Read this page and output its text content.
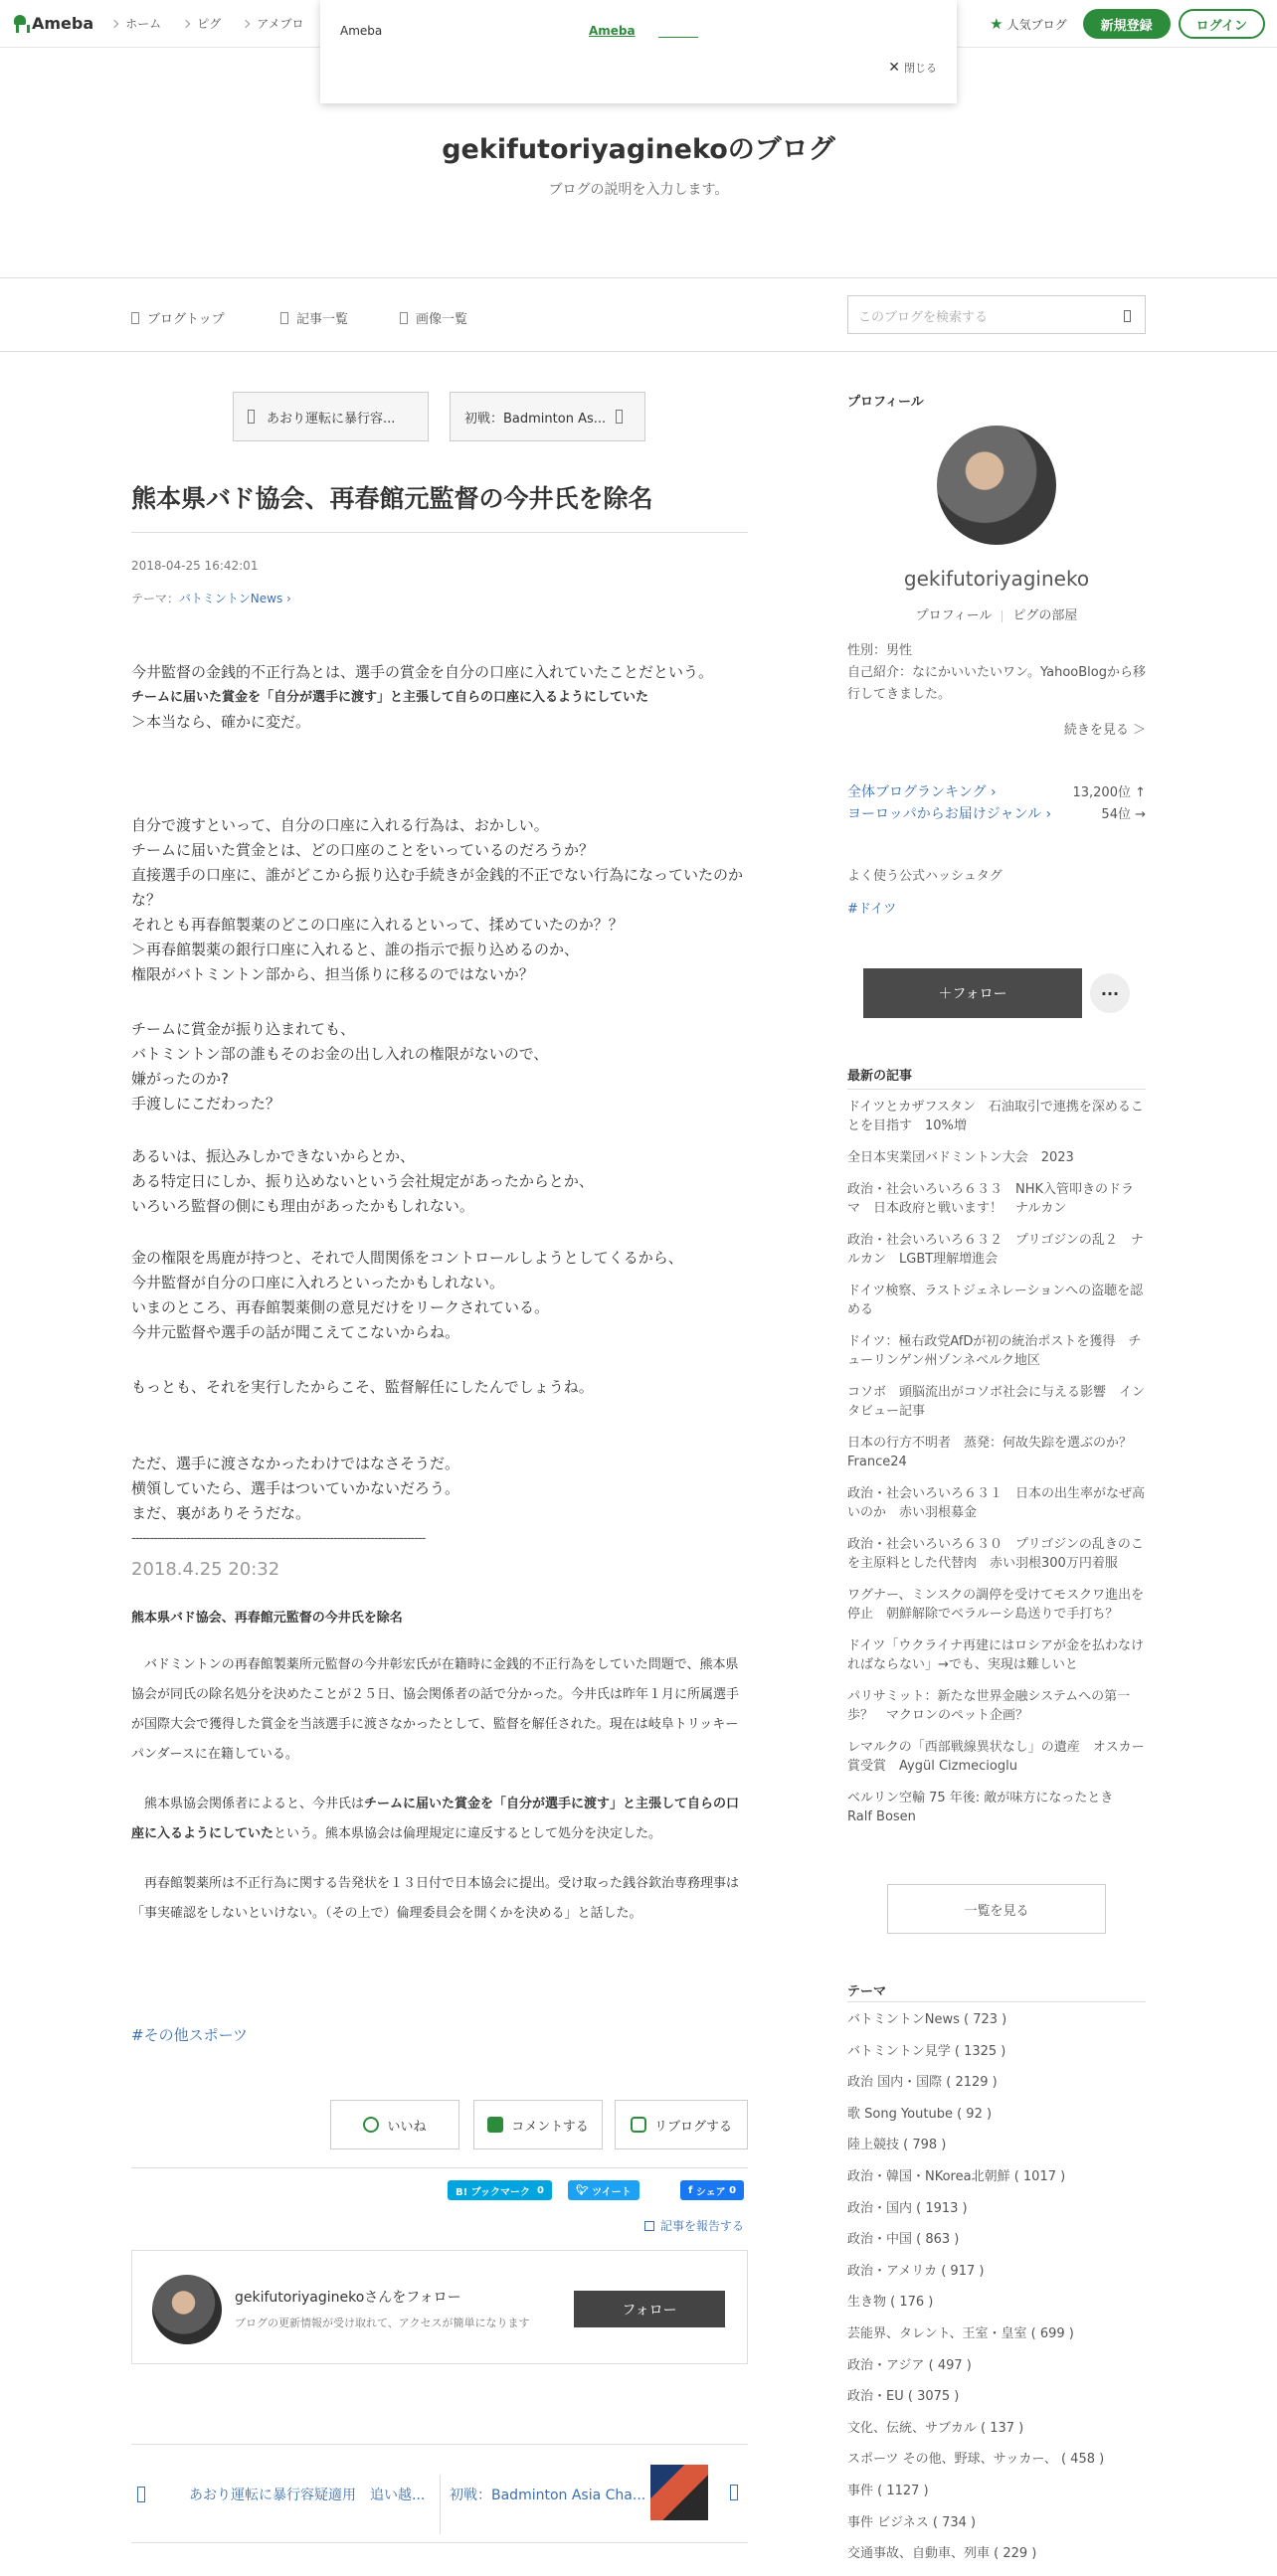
Ameba	ホーム	ピグ	アメブロ	★ 人気ブログ	新規登録	ログイン
Ameba	Ameba
✕ 閉じる
gekifutoriyaginekoのブログ
ブログの説明を入力します。
ブログトップ	記事一覧	画像一覧	このブログを検索する
あおり運転に暴行容...	初戦：Badminton As...
熊本県バド協会、再春館元監督の今井氏を除名
2018-04-25 16:42:01
テーマ：バトミントンNews ›

今井監督の金銭的不正行為とは、選手の賞金を自分の口座に入れていたことだという。

チームに届いた賞金を「自分が選手に渡す」と主張して自らの口座に入るようにしていた

＞本当なら、確かに変だ。

自分で渡すといって、自分の口座に入れる行為は、おかしい。

チームに届いた賞金とは、どの口座のことをいっているのだろうか？

直接選手の口座に、誰がどこから振り込む手続きが金銭的不正でない行為になっていたのかな？

それとも再春館製薬のどこの口座に入れるといって、揉めていたのか？？

＞再春館製薬の銀行口座に入れると、誰の指示で振り込めるのか、

権限がバトミントン部から、担当係りに移るのではないか？

チームに賞金が振り込まれても、

バトミントン部の誰もそのお金の出し入れの権限がないので、

嫌がったのか?

手渡しにこだわった？

あるいは、振込みしかできないからとか、

ある特定日にしか、振り込めないという会社規定があったからとか、

いろいろ監督の側にも理由があったかもしれない。

金の権限を馬鹿が持つと、それで人間関係をコントロールしようとしてくるから、

今井監督が自分の口座に入れろといったかもしれない。

いまのところ、再春館製薬側の意見だけをリークされている。

今井元監督や選手の話が聞こえてこないからね。

もっとも、それを実行したからこそ、監督解任にしたんでしょうね。

ただ、選手に渡さなかったわけではなさそうだ。

横領していたら、選手はついていかないだろう。

まだ、裏がありそうだな。

--------------------------------------------------------------------------------
2018.4.25 20:32
熊本県バド協会、再春館元監督の今井氏を除名
　バドミントンの再春館製薬所元監督の今井彰宏氏が在籍時に金銭的不正行為をしていた問題で、熊本県協会が同氏の除名処分を決めたことが２５日、協会関係者の話で分かった。今井氏は昨年１月に所属選手が国際大会で獲得した賞金を当該選手に渡さなかったとして、監督を解任された。現在は岐阜トリッキーパンダースに在籍している。
　熊本県協会関係者によると、今井氏はチームに届いた賞金を「自分が選手に渡す」と主張して自らの口座に入るようにしていたという。熊本県協会は倫理規定に違反するとして処分を決定した。
　再春館製薬所は不正行為に関する告発状を１３日付で日本協会に提出。受け取った銭谷欽治専務理事は「事実確認をしないといけない。（その上で）倫理委員会を開くかを決める」と話した。
#その他スポーツ
いいね	コメントする	リブログする
B! ブックマーク
0	🐦︎
ツイート	f
シェア
0
記事を報告する
gekifutoriyaginekoさんをフォロー
ブログの更新情報が受け取れて、アクセスが簡単になります
フォロー
あおり運転に暴行容疑適用　追い越... 初戦：Badminton Asia Cha...
プロフィール
gekifutoriyagineko
プロフィール ピグの部屋
性別：男性
自己紹介：なにかいいたいワン。YahooBlogから移行してきました。
続きを見る ＞
全体ブログランキング ›	13,200位 ↑
ヨーロッパからお届けジャンル ›	54位 →
よく使う公式ハッシュタグ
#ドイツ
＋フォロー	···
最新の記事
ドイツとカザフスタン　石油取引で連携を深めることを目指す　10%増
全日本実業団バドミントン大会　2023
政治・社会いろいろ６３３　NHK入管叩きのドラマ　日本政府と戦います！　ナルカン
政治・社会いろいろ６３２　プリゴジンの乱２　ナルカン　LGBT理解増進会
ドイツ検察、ラストジェネレーションへの盗聴を認める
ドイツ：極右政党AfDが初の統治ポストを獲得　チューリンゲン州ゾンネベルク地区
コソボ　頭脳流出がコソボ社会に与える影響　インタビュー記事
日本の行方不明者　蒸発：何故失踪を選ぶのか？　France24
政治・社会いろいろ６３１　日本の出生率がなぜ高いのか　赤い羽根募金
政治・社会いろいろ６３０　プリゴジンの乱きのこを主原料とした代替肉　赤い羽根300万円着服
ワグナー、ミンスクの調停を受けてモスクワ進出を停止　朝鮮解除でベラルーシ島送りで手打ち？
ドイツ「ウクライナ再建にはロシアが金を払わなければならない」→でも、実現は難しいと
パリサミット：新たな世界金融システムへの第一歩？　マクロンのペット企画？
レマルクの「西部戦線異状なし」の遺産　オスカー賞受賞　Aygül Cizmecioglu
ベルリン空輸 75 年後: 敵が味方になったとき　Ralf Bosen
一覧を見る
テーマ
バトミントンNews ( 723 )
バトミントン見学 ( 1325 )
政治 国内・国際 ( 2129 )
歌 Song Youtube ( 92 )
陸上競技 ( 798 )
政治・韓国・NKorea北朝鮮 ( 1017 )
政治・国内 ( 1913 )
政治・中国 ( 863 )
政治・アメリカ ( 917 )
生き物 ( 176 )
芸能界、タレント、王室・皇室 ( 699 )
政治・アジア ( 497 )
政治・EU ( 3075 )
文化、伝統、サブカル ( 137 )
スポーツ その他、野球、サッカー、 ( 458 )
事件 ( 1127 )
事件 ビジネス ( 734 )
交通事故、自動車、列車 ( 229 )
